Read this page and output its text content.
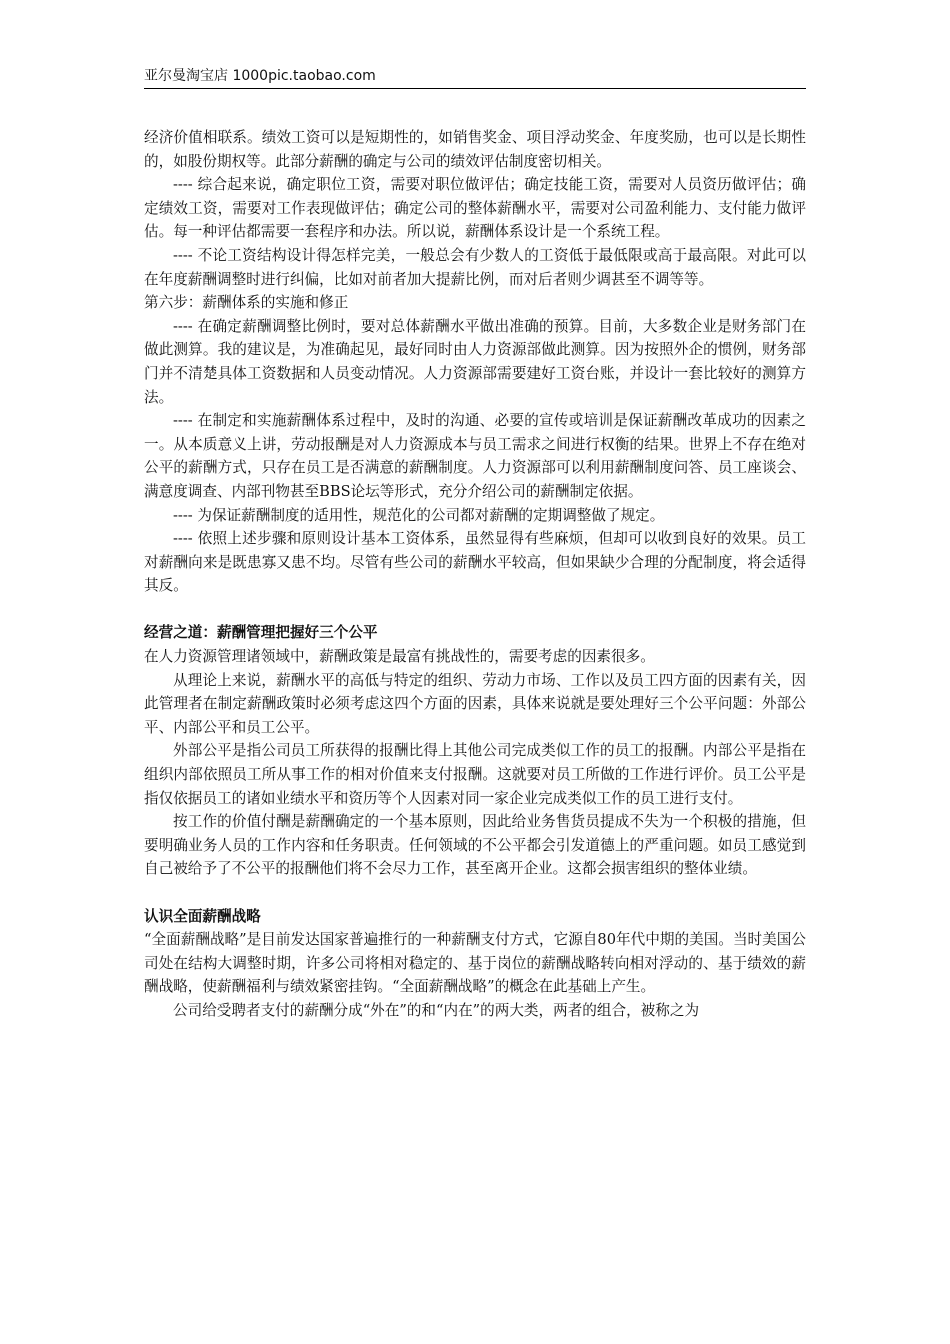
亚尔曼淘宝店 1000pic.taobao.com

经济价值相联系。绩效工资可以是短期性的，如销售奖金、项目浮动奖金、年度奖励，也可以是长期性的，如股份期权等。此部分薪酬的确定与公司的绩效评估制度密切相关。

---- 综合起来说，确定职位工资，需要对职位做评估；确定技能工资，需要对人员资历做评估；确定绩效工资，需要对工作表现做评估；确定公司的整体薪酬水平，需要对公司盈利能力、支付能力做评估。每一种评估都需要一套程序和办法。所以说，薪酬体系设计是一个系统工程。

---- 不论工资结构设计得怎样完美，一般总会有少数人的工资低于最低限或高于最高限。对此可以在年度薪酬调整时进行纠偏，比如对前者加大提薪比例，而对后者则少调甚至不调等等。

第六步：薪酬体系的实施和修正

---- 在确定薪酬调整比例时，要对总体薪酬水平做出准确的预算。目前，大多数企业是财务部门在做此测算。我的建议是，为准确起见，最好同时由人力资源部做此测算。因为按照外企的惯例，财务部门并不清楚具体工资数据和人员变动情况。人力资源部需要建好工资台账，并设计一套比较好的测算方法。

---- 在制定和实施薪酬体系过程中，及时的沟通、必要的宣传或培训是保证薪酬改革成功的因素之一。从本质意义上讲，劳动报酬是对人力资源成本与员工需求之间进行权衡的结果。世界上不存在绝对公平的薪酬方式，只存在员工是否满意的薪酬制度。人力资源部可以利用薪酬制度问答、员工座谈会、满意度调查、内部刊物甚至BBS论坛等形式，充分介绍公司的薪酬制定依据。

---- 为保证薪酬制度的适用性，规范化的公司都对薪酬的定期调整做了规定。

---- 依照上述步骤和原则设计基本工资体系，虽然显得有些麻烦，但却可以收到良好的效果。员工对薪酬向来是既患寡又患不均。尽管有些公司的薪酬水平较高，但如果缺少合理的分配制度，将会适得其反。

经营之道：薪酬管理把握好三个公平

在人力资源管理诸领域中，薪酬政策是最富有挑战性的，需要考虑的因素很多。

从理论上来说，薪酬水平的高低与特定的组织、劳动力市场、工作以及员工四方面的因素有关，因此管理者在制定薪酬政策时必须考虑这四个方面的因素，具体来说就是要处理好三个公平问题：外部公平、内部公平和员工公平。

外部公平是指公司员工所获得的报酬比得上其他公司完成类似工作的员工的报酬。内部公平是指在组织内部依照员工所从事工作的相对价值来支付报酬。这就要对员工所做的工作进行评价。员工公平是指仅依据员工的诸如业绩水平和资历等个人因素对同一家企业完成类似工作的员工进行支付。

按工作的价值付酬是薪酬确定的一个基本原则，因此给业务售货员提成不失为一个积极的措施，但要明确业务人员的工作内容和任务职责。任何领域的不公平都会引发道德上的严重问题。如员工感觉到自己被给予了不公平的报酬他们将不会尽力工作，甚至离开企业。这都会损害组织的整体业绩。

认识全面薪酬战略

“全面薪酬战略”是目前发达国家普遍推行的一种薪酬支付方式，它源自80年代中期的美国。当时美国公司处在结构大调整时期，许多公司将相对稳定的、基于岗位的薪酬战略转向相对浮动的、基于绩效的薪酬战略，使薪酬福利与绩效紧密挂钩。“全面薪酬战略”的概念在此基础上产生。

公司给受聘者支付的薪酬分成“外在”的和“内在”的两大类，两者的组合，被称之为
